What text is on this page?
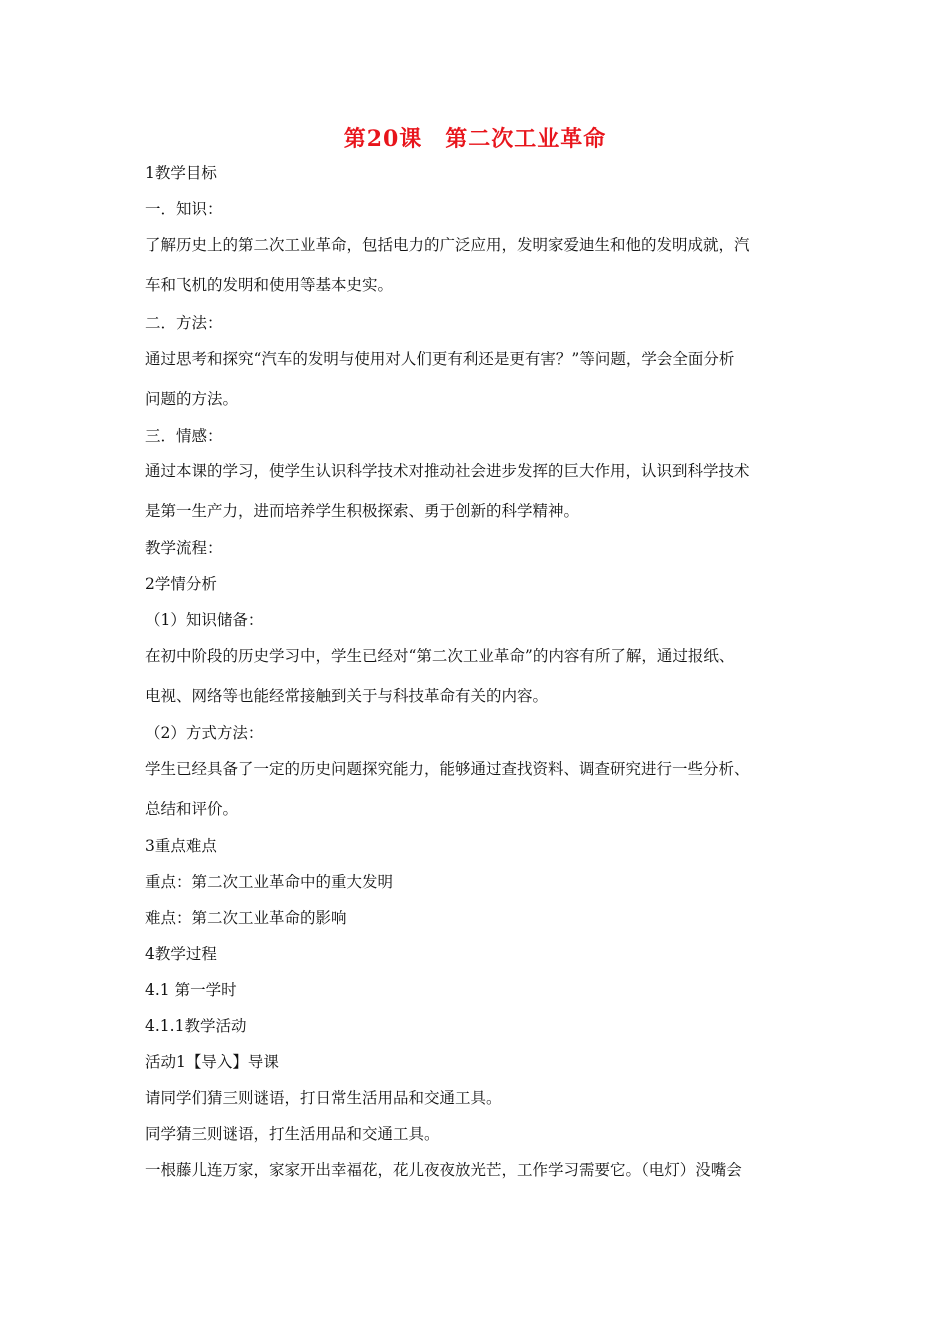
第20课　第二次工业革命
1教学目标
一．知识：
了解历史上的第二次工业革命，包括电力的广泛应用，发明家爱迪生和他的发明成就，汽
车和飞机的发明和使用等基本史实。
二．方法：
通过思考和探究“汽车的发明与使用对人们更有利还是更有害？”等问题，学会全面分析
问题的方法。
三．情感：
通过本课的学习，使学生认识科学技术对推动社会进步发挥的巨大作用，认识到科学技术
是第一生产力，进而培养学生积极探索、勇于创新的科学精神。
教学流程：
2学情分析
（1）知识储备：
在初中阶段的历史学习中，学生已经对“第二次工业革命”的内容有所了解，通过报纸、
电视、网络等也能经常接触到关于与科技革命有关的内容。
（2）方式方法：
学生已经具备了一定的历史问题探究能力，能够通过查找资料、调查研究进行一些分析、
总结和评价。
3重点难点
重点：第二次工业革命中的重大发明
难点：第二次工业革命的影响
4教学过程
4.1 第一学时
4.1.1教学活动
活动1【导入】导课
请同学们猜三则谜语，打日常生活用品和交通工具。
同学猜三则谜语，打生活用品和交通工具。
一根藤儿连万家，家家开出幸福花，花儿夜夜放光芒，工作学习需要它。（电灯）没嘴会
